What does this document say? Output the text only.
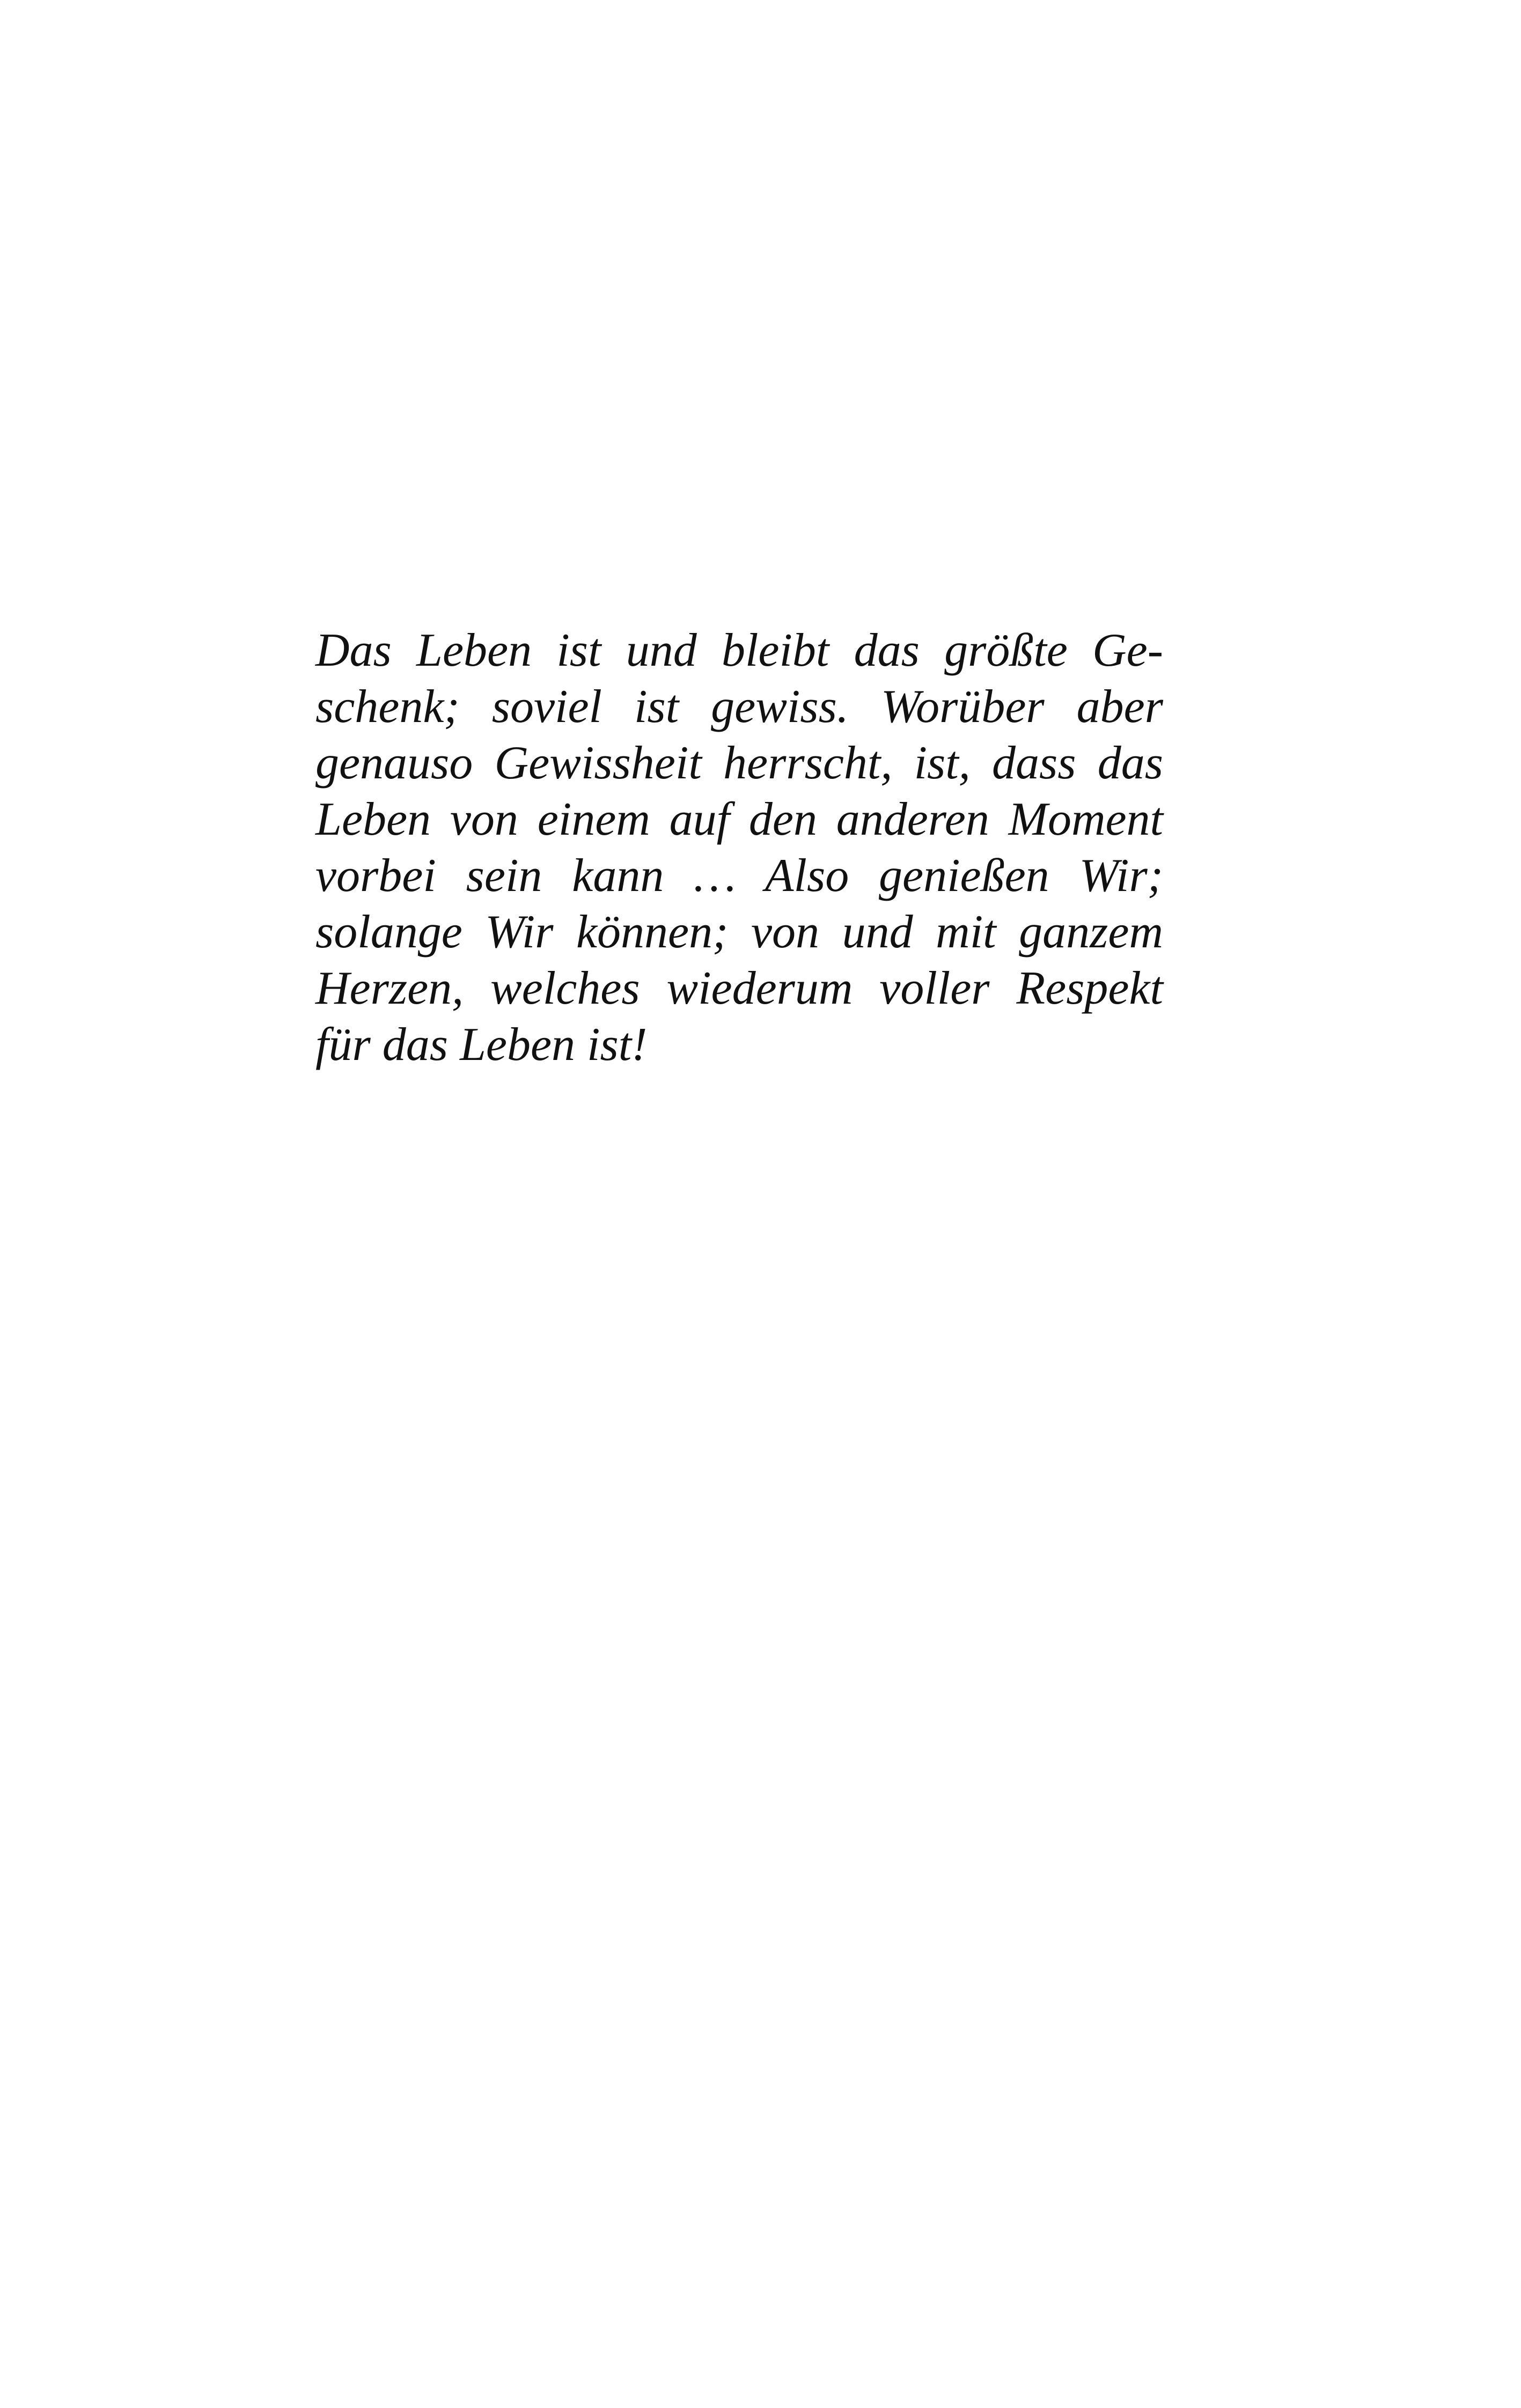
Das Leben ist und bleibt das größte Ge-
schenk; soviel ist gewiss. Worüber aber
genauso Gewissheit herrscht, ist, dass das
Leben von einem auf den anderen Moment
vorbei sein kann … Also genießen Wir;
solange Wir können; von und mit ganzem
Herzen, welches wiederum voller Respekt
für das Leben ist!
